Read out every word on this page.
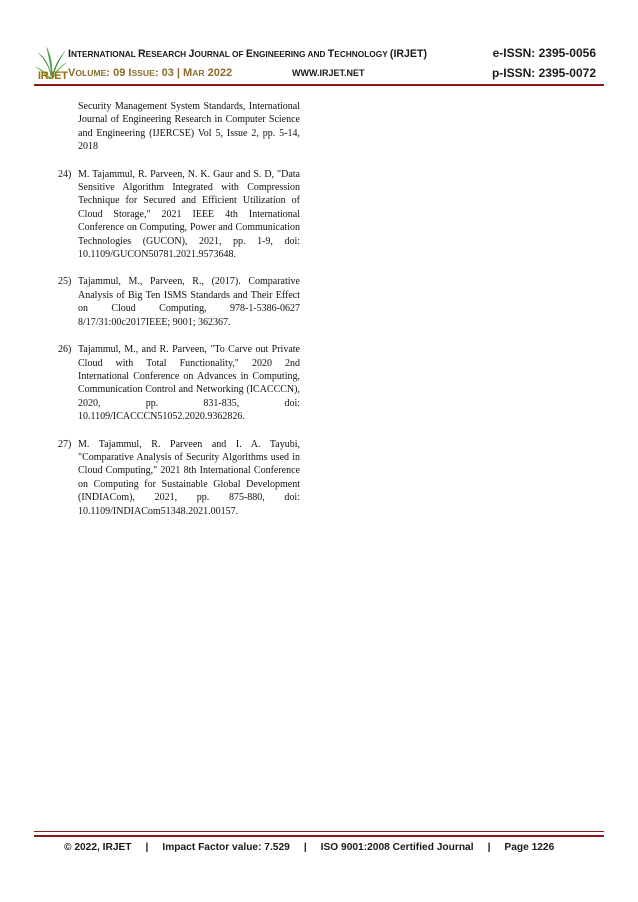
IRJET
INTERNATIONAL RESEARCH JOURNAL OF ENGINEERING AND TECHNOLOGY (IRJET)	e-ISSN: 2395-0056
VOLUME: 09 ISSUE: 03 | MAR 2022	WWW.IRJET.NET	p-ISSN: 2395-0072
Security Management System Standards, International Journal of Engineering Research in Computer Science and Engineering (IJERCSE) Vol 5, Issue 2, pp. 5-14, 2018
24) M. Tajammul, R. Parveen, N. K. Gaur and S. D, "Data Sensitive Algorithm Integrated with Compression Technique for Secured and Efficient Utilization of Cloud Storage," 2021 IEEE 4th International Conference on Computing, Power and Communication Technologies (GUCON), 2021, pp. 1-9, doi: 10.1109/GUCON50781.2021.9573648.
25) Tajammul, M., Parveen, R., (2017). Comparative Analysis of Big Ten ISMS Standards and Their Effect on Cloud Computing, 978-1-5386-0627 8/17/31:00c2017IEEE; 9001; 362367.
26) Tajammul, M., and R. Parveen, "To Carve out Private Cloud with Total Functionality," 2020 2nd International Conference on Advances in Computing, Communication Control and Networking (ICACCCN), 2020, pp. 831-835, doi: 10.1109/ICACCCN51052.2020.9362826.
27) M. Tajammul, R. Parveen and I. A. Tayubi, "Comparative Analysis of Security Algorithms used in Cloud Computing," 2021 8th International Conference on Computing for Sustainable Global Development (INDIACom), 2021, pp. 875-880, doi: 10.1109/INDIACom51348.2021.00157.
© 2022, IRJET | Impact Factor value: 7.529 | ISO 9001:2008 Certified Journal | Page 1226
